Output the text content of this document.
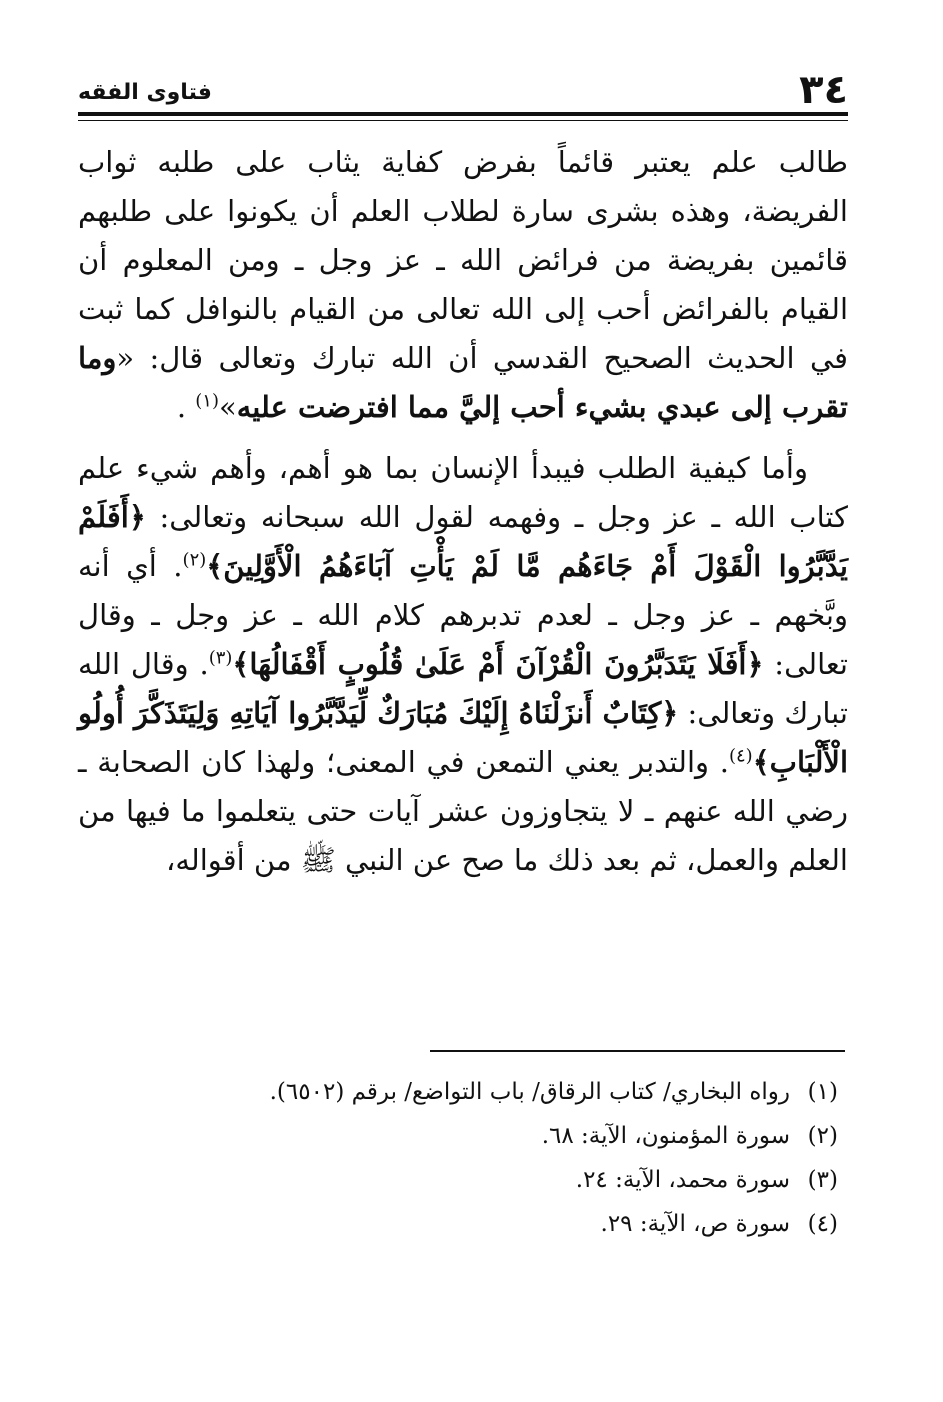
٣٤
فتاوى الفقه

طالب علم يعتبر قائماً بفرض كفاية يثاب على طلبه ثواب الفريضة، وهذه بشرى سارة لطلاب العلم أن يكونوا على طلبهم قائمين بفريضة من فرائض الله ـ عز وجل ـ ومن المعلوم أن القيام بالفرائض أحب إلى الله تعالى من القيام بالنوافل كما ثبت في الحديث الصحيح القدسي أن الله تبارك وتعالى قال: «وما تقرب إلى عبدي بشيء أحب إليَّ مما افترضت عليه»$^{(١)}$ .

وأما كيفية الطلب فيبدأ الإنسان بما هو أهم، وأهم شيء علم كتاب الله ـ عز وجل ـ وفهمه لقول الله سبحانه وتعالى: ﴿أَفَلَمْ يَدَّبَّرُوا الْقَوْلَ أَمْ جَاءَهُم مَّا لَمْ يَأْتِ آبَاءَهُمُ الْأَوَّلِينَ﴾$^{(٢)}$. أي أنه وبَّخهم ـ عز وجل ـ لعدم تدبرهم كلام الله ـ عز وجل ـ وقال تعالى: ﴿أَفَلَا يَتَدَبَّرُونَ الْقُرْآنَ أَمْ عَلَىٰ قُلُوبٍ أَقْفَالُهَا﴾$^{(٣)}$. وقال الله تبارك وتعالى: ﴿كِتَابٌ أَنزَلْنَاهُ إِلَيْكَ مُبَارَكٌ لِّيَدَّبَّرُوا آيَاتِهِ وَلِيَتَذَكَّرَ أُولُو الْأَلْبَابِ﴾$^{(٤)}$. والتدبر يعني التمعن في المعنى؛ ولهذا كان الصحابة ـ رضي الله عنهم ـ لا يتجاوزون عشر آيات حتى يتعلموا ما فيها من العلم والعمل، ثم بعد ذلك ما صح عن النبي ﷺ من أقواله،

(١)رواه البخاري/ كتاب الرقاق/ باب التواضع/ برقم (٦٥٠٢).
(٢)سورة المؤمنون، الآية: ٦٨.
(٣)سورة محمد، الآية: ٢٤.
(٤)سورة ص، الآية: ٢٩.
